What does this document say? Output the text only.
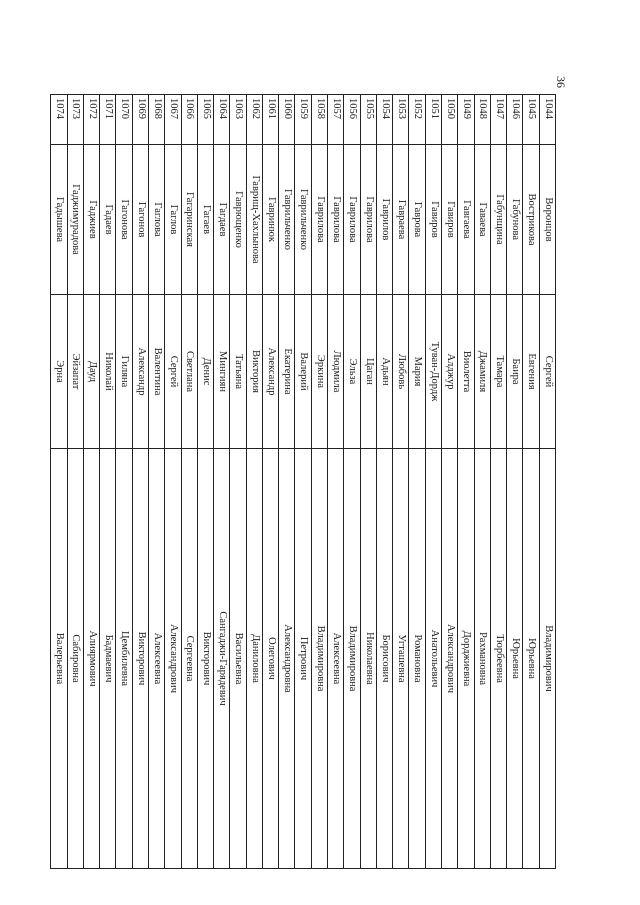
36
1044	Воронцов	Сергей	Владимирович
1045	Вострикова	Евгения	Юрьевна
1046	Габунова	Баира	Юрьевна
1047	Габунщина	Тамара	Тюрбеевна
1048	Гаваева	Джамиля	Рахмановна
1049	Гавгаева	Виолетта	Дорджиевна
1050	Гавиров	Алджур	Александрович
1051	Гавиров	Туван-Дордж	Анатольевич
1052	Гаврова	Мария	Романовна
1053	Гавраева	Любовь	Угташевна
1054	Гаврилов	Адьян	Борисович
1055	Гаврилова	Цаган	Николаевна
1056	Гаврилова	Эльза	Владимировна
1057	Гаврилова	Людмила	Алексеевна
1058	Гаврилова	Эркина	Владимировна
1059	Гаврильченко	Валерий	Петрович
1060	Гаврильченко	Екатерина	Александровна
1061	Гавринюк	Александр	Олегович
1062	Гаврищ-Хахлынова	Виктория	Даниловна
1063	Гаврющенко	Татьяна	Васильевна
1064	Гагдаев	Мингиян	Сангаджи-Гарядевич
1065	Гагаев	Денис	Викторович
1066	Гагаринская	Светлана	Сергеевна
1067	Гаглов	Сергей	Александрович
1068	Гаглова	Валентина	Алексеевна
1069	Гагонов	Александр	Викторович
1070	Гагонова	Гиляна	Цембилевна
1071	Гадаев	Николай	Бадмаевич
1072	Гаджиев	Дауд	Алиярмович
1073	Гаджимурадова	Эйзапат	Сабировна
1074	Гадышева	Эрна	Валерьевна
